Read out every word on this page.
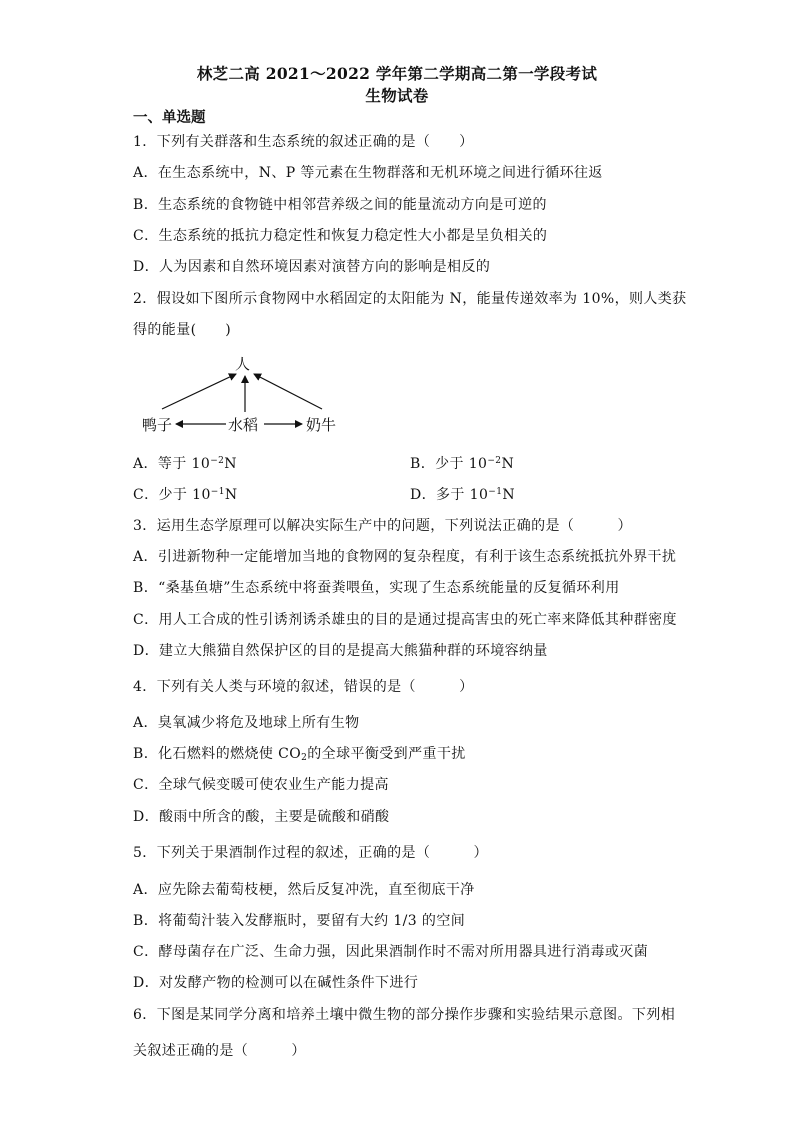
林芝二高 2021～2022 学年第二学期高二第一学段考试
生物试卷
一、单选题
1．下列有关群落和生态系统的叙述正确的是（　　）
A．在生态系统中，N、P 等元素在生物群落和无机环境之间进行循环往返
B．生态系统的食物链中相邻营养级之间的能量流动方向是可逆的
C．生态系统的抵抗力稳定性和恢复力稳定性大小都是呈负相关的
D．人为因素和自然环境因素对演替方向的影响是相反的
2．假设如下图所示食物网中水稻固定的太阳能为 N，能量传递效率为 10%，则人类获
得的能量(　　)
人
鸭子	水稻	奶牛
A．等于 $10^{-2}N$	B．少于 $10^{-2}N$
C．少于 $10^{-1}N$	D．多于 $10^{-1}N$
3．运用生态学原理可以解决实际生产中的问题，下列说法正确的是（　　　）
A．引进新物种一定能增加当地的食物网的复杂程度，有利于该生态系统抵抗外界干扰
B．“桑基鱼塘”生态系统中将蚕粪喂鱼，实现了生态系统能量的反复循环利用
C．用人工合成的性引诱剂诱杀雄虫的目的是通过提高害虫的死亡率来降低其种群密度
D．建立大熊猫自然保护区的目的是提高大熊猫种群的环境容纳量
4．下列有关人类与环境的叙述，错误的是（　　　）
A．臭氧减少将危及地球上所有生物
B．化石燃料的燃烧使 $CO_2$的全球平衡受到严重干扰
C．全球气候变暖可使农业生产能力提高
D．酸雨中所含的酸，主要是硫酸和硝酸
5．下列关于果酒制作过程的叙述，正确的是（　　　）
A．应先除去葡萄枝梗，然后反复冲洗，直至彻底干净
B．将葡萄汁装入发酵瓶时，要留有大约 1/3 的空间
C．酵母菌存在广泛、生命力强，因此果酒制作时不需对所用器具进行消毒或灭菌
D．对发酵产物的检测可以在碱性条件下进行
6．下图是某同学分离和培养土壤中微生物的部分操作步骤和实验结果示意图。下列相
关叙述正确的是（　　　）
